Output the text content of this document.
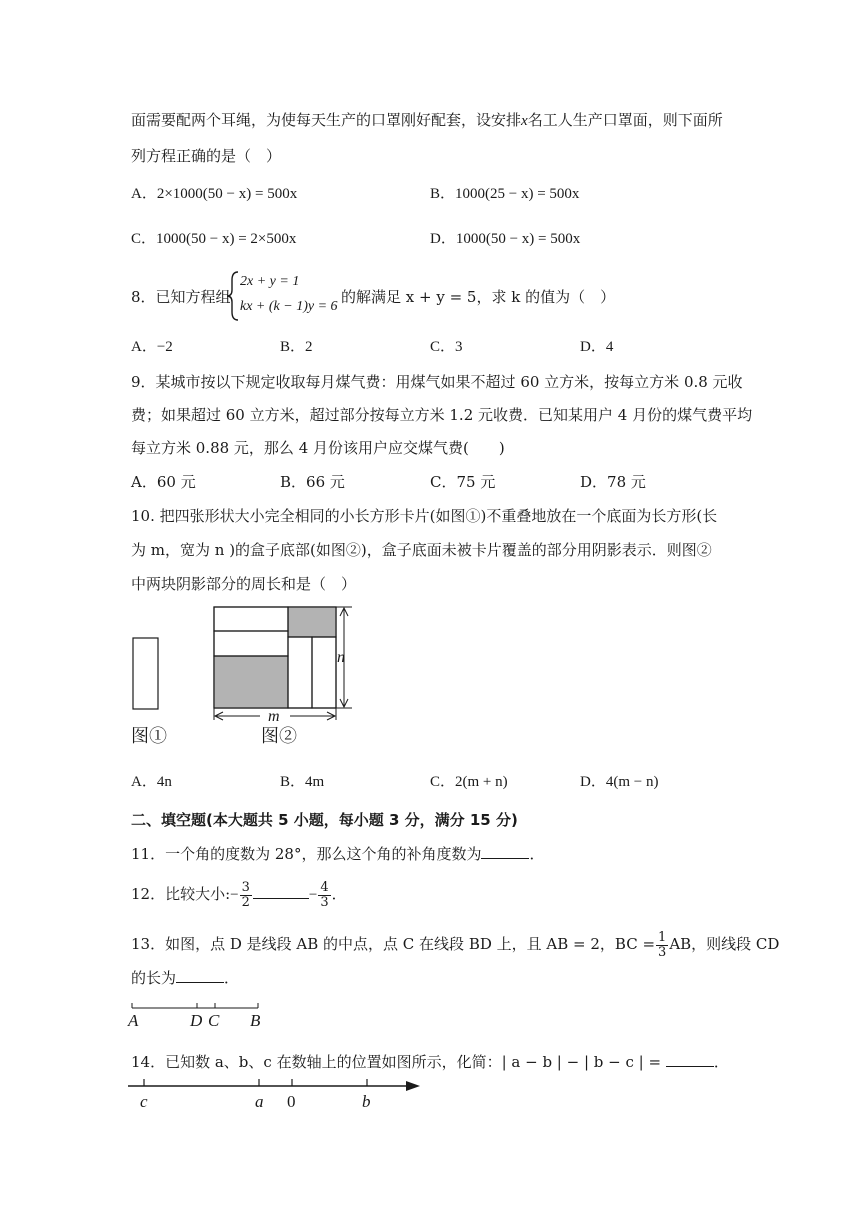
面需要配两个耳绳，为使每天生产的口罩刚好配套，设安排x名工人生产口罩面，则下面所
列方程正确的是（　）
A．2×1000(50 − x) = 500x	B．1000(25 − x) = 500x
C．1000(50 − x) = 2×500x	D．1000(50 − x) = 500x
8．已知方程组
2x + y = 1
kx + (k − 1)y = 6
的解满足 x + y = 5，求 k 的值为（　）
A．−2	B．2	C．3	D．4
9．某城市按以下规定收取每月煤气费：用煤气如果不超过 60 立方米，按每立方米 0.8 元收
费；如果超过 60 立方米，超过部分按每立方米 1.2 元收费．已知某用户 4 月份的煤气费平均
每立方米 0.88 元，那么 4 月份该用户应交煤气费(　　)
A．60 元	B．66 元	C．75 元	D．78 元
10. 把四张形状大小完全相同的小长方形卡片(如图①)不重叠地放在一个底面为长方形(长
为 m，宽为 n )的盒子底部(如图②)，盒子底面未被卡片覆盖的部分用阴影表示．则图②
中两块阴影部分的周长和是（　）
n
m
图①	图②
A．4n	B．4m	C．2(m + n)	D．4(m − n)
二、填空题(本大题共 5 小题，每小题 3 分，满分 15 分)
11．一个角的度数为 28°，那么这个角的补角度数为	．
12．比较大小:− $\frac{3}{2}$	− $\frac{4}{3}$ ．
13．如图，点 D 是线段 AB 的中点，点 C 在线段 BD 上，且 AB = 2，BC = $\frac{1}{3}$ AB，则线段 CD
的长为	．
A	D C B
14．已知数 a、b、c 在数轴上的位置如图所示，化简：| a − b | − | b − c | =	．
c	a 0	b
